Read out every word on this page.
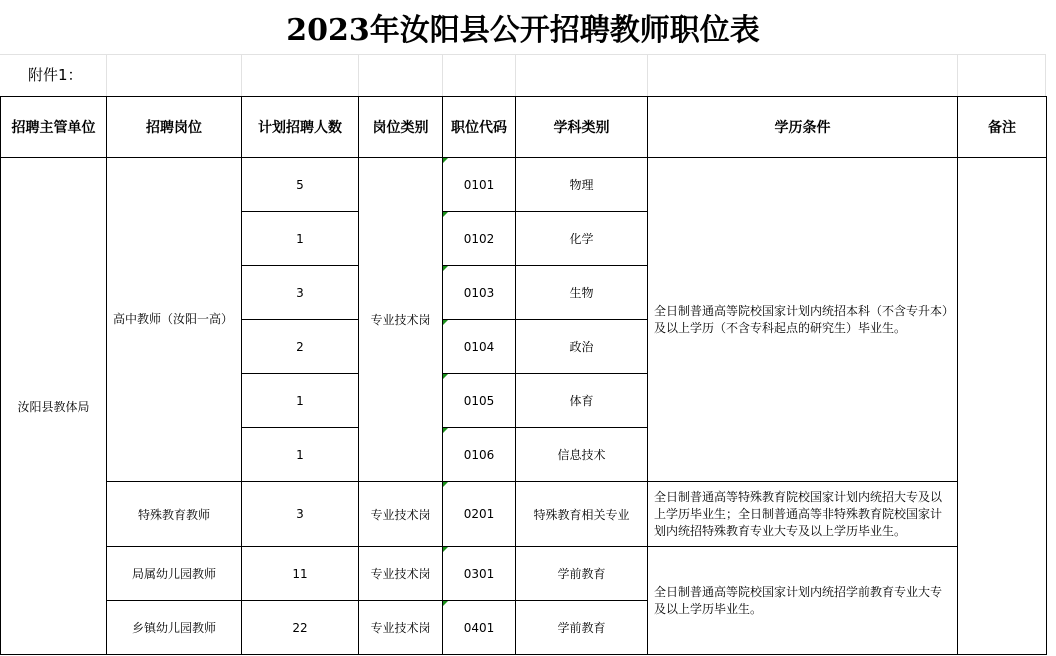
2023年汝阳县公开招聘教师职位表
附件1：
招聘主管单位	招聘岗位	计划招聘人数	岗位类别	职位代码	学科类别	学历条件	备注
汝阳县教体局	高中教师（汝阳一高）	5	专业技术岗	0101	物理	全日制普通高等院校国家计划内统招本科（不含专升本）及以上学历（不含专科起点的研究生）毕业生。	
		1		0102	化学		
		3		0103	生物		
		2		0104	政治		
		1		0105	体育		
		1		0106	信息技术		
	特殊教育教师	3	专业技术岗	0201	特殊教育相关专业	全日制普通高等特殊教育院校国家计划内统招大专及以上学历毕业生；全日制普通高等非特殊教育院校国家计划内统招特殊教育专业大专及以上学历毕业生。	
	局属幼儿园教师	11	专业技术岗	0301	学前教育	全日制普通高等院校国家计划内统招学前教育专业大专及以上学历毕业生。	
	乡镇幼儿园教师	22	专业技术岗	0401	学前教育		
